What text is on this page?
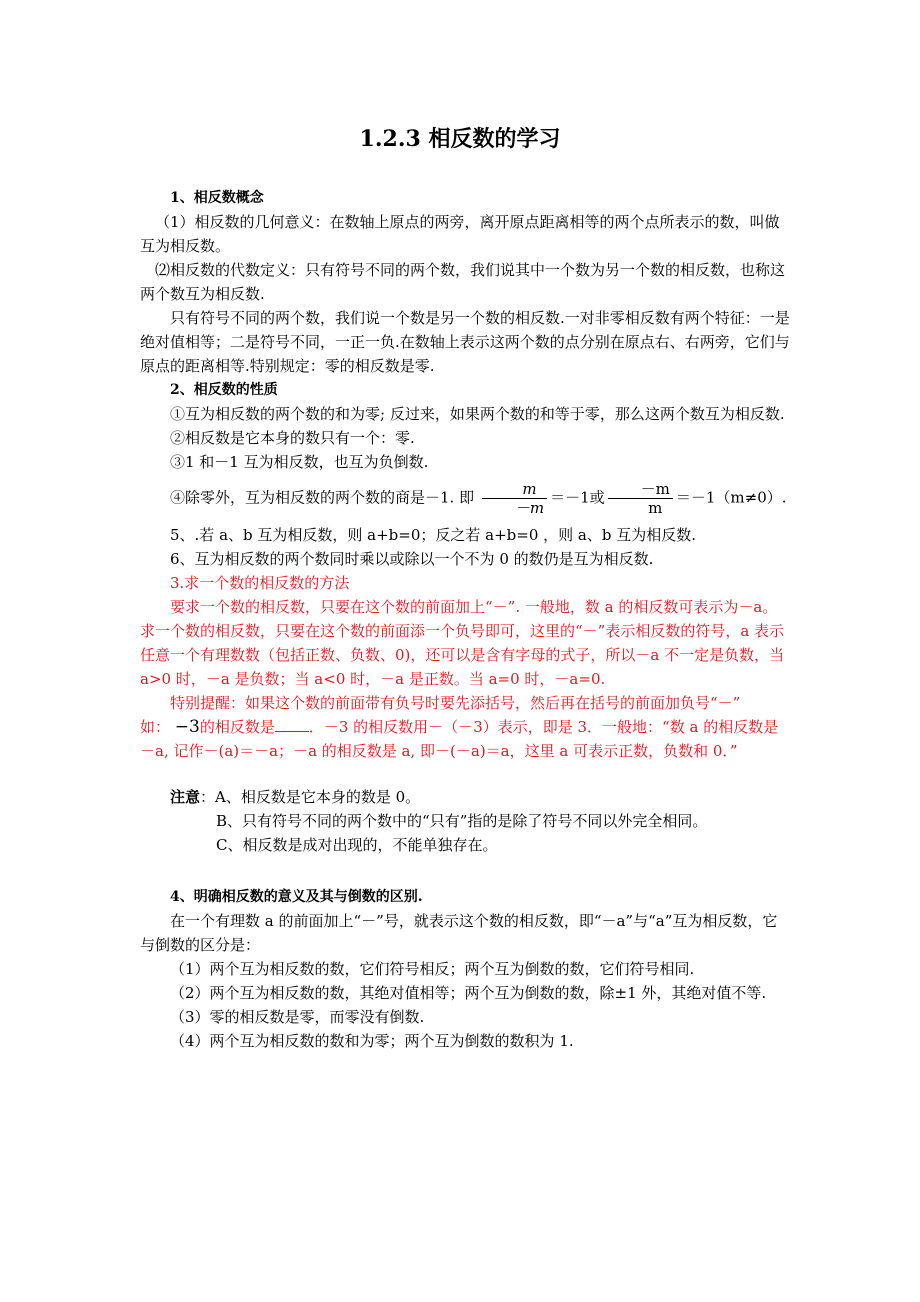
1.2.3 相反数的学习

1、相反数概念

（1）相反数的几何意义：在数轴上原点的两旁，离开原点距离相等的两个点所表示的数，叫做互为相反数。

⑵相反数的代数定义：只有符号不同的两个数，我们说其中一个数为另一个数的相反数，也称这两个数互为相反数.

只有符号不同的两个数，我们说一个数是另一个数的相反数.一对非零相反数有两个特征：一是绝对值相等；二是符号不同，一正一负.在数轴上表示这两个数的点分别在原点右、右两旁，它们与原点的距离相等.特别规定：零的相反数是零.

2、相反数的性质

①互为相反数的两个数的和为零; 反过来，如果两个数的和等于零，那么这两个数互为相反数.

②相反数是它本身的数只有一个：零.

③1 和－1 互为相反数，也互为负倒数.

④除零外，互为相反数的两个数的商是－1. 即 $\frac{m}{-m} =-1$或 $\frac{-m}{m} =-1(m\ne 0)$.

5、.若 a、b 互为相反数，则 a+b=0；反之若 a+b=0 ，则 a、b 互为相反数.

6、互为相反数的两个数同时乘以或除以一个不为 0 的数仍是互为相反数.

3.求一个数的相反数的方法

要求一个数的相反数，只要在这个数的前面加上“－”. 一般地，数 a 的相反数可表示为－a。求一个数的相反数，只要在这个数的前面添一个负号即可，这里的“－”表示相反数的符号，a 表示任意一个有理数数（包括正数、负数、0)，还可以是含有字母的式子，所以－a 不一定是负数，当 a>0 时，－a 是负数；当 a<0 时，－a 是正数。当 a=0 时，－a=0.

特别提醒：如果这个数的前面带有负号时要先添括号，然后再在括号的前面加负号“－”

如： −3的相反数是 ．－3 的相反数用－（－3）表示，即是 3．一般地：“数 a 的相反数是－a, 记作－(a)＝－a；－a 的相反数是 a, 即－(－a)＝a，这里 a 可表示正数，负数和 0．”

注意：A、相反数是它本身的数是 0。

B、只有符号不同的两个数中的“只有”指的是除了符号不同以外完全相同。

C、相反数是成对出现的，不能单独存在。

4、明确相反数的意义及其与倒数的区别.

在一个有理数 a 的前面加上“－”号，就表示这个数的相反数，即“－a”与“a”互为相反数，它与倒数的区分是：

（1）两个互为相反数的数，它们符号相反；两个互为倒数的数，它们符号相同.

（2）两个互为相反数的数，其绝对值相等；两个互为倒数的数，除±1 外，其绝对值不等.

（3）零的相反数是零，而零没有倒数.

（4）两个互为相反数的数和为零；两个互为倒数的数积为 1.
